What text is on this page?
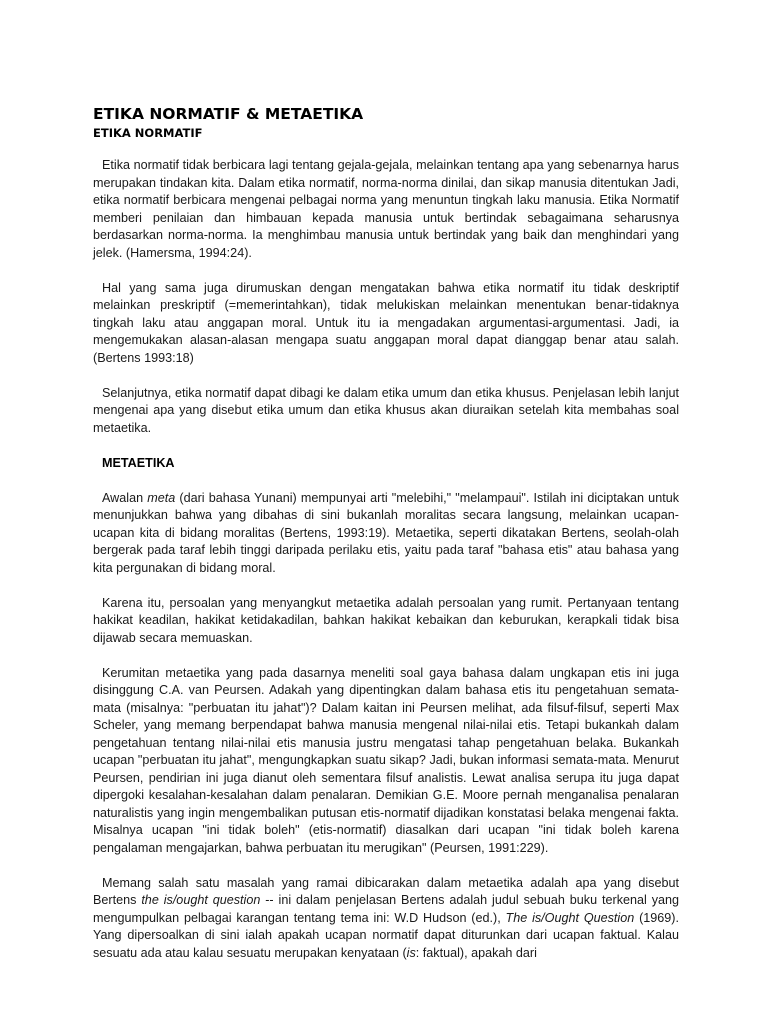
ETIKA NORMATIF & METAETIKA
ETIKA NORMATIF

Etika normatif tidak berbicara lagi tentang gejala-gejala, melainkan tentang apa yang sebenarnya harus merupakan tindakan kita. Dalam etika normatif, norma-norma dinilai, dan sikap manusia ditentukan Jadi, etika normatif berbicara mengenai pelbagai norma yang menuntun tingkah laku manusia. Etika Normatif memberi penilaian dan himbauan kepada manusia untuk bertindak sebagaimana seharusnya berdasarkan norma-norma. Ia menghimbau manusia untuk bertindak yang baik dan menghindari yang jelek. (Hamersma, 1994:24).

Hal yang sama juga dirumuskan dengan mengatakan bahwa etika normatif itu tidak deskriptif melainkan preskriptif (=memerintahkan), tidak melukiskan melainkan menentukan benar-tidaknya tingkah laku atau anggapan moral. Untuk itu ia mengadakan argumentasi-argumentasi. Jadi, ia mengemukakan alasan-alasan mengapa suatu anggapan moral dapat dianggap benar atau salah. (Bertens 1993:18)

Selanjutnya, etika normatif dapat dibagi ke dalam etika umum dan etika khusus. Penjelasan lebih lanjut mengenai apa yang disebut etika umum dan etika khusus akan diuraikan setelah kita membahas soal metaetika.

METAETIKA

Awalan meta (dari bahasa Yunani) mempunyai arti "melebihi," "melampaui". Istilah ini diciptakan untuk menunjukkan bahwa yang dibahas di sini bukanlah moralitas secara langsung, melainkan ucapan-ucapan kita di bidang moralitas (Bertens, 1993:19). Metaetika, seperti dikatakan Bertens, seolah-olah bergerak pada taraf lebih tinggi daripada perilaku etis, yaitu pada taraf "bahasa etis" atau bahasa yang kita pergunakan di bidang moral.

Karena itu, persoalan yang menyangkut metaetika adalah persoalan yang rumit. Pertanyaan tentang hakikat keadilan, hakikat ketidakadilan, bahkan hakikat kebaikan dan keburukan, kerapkali tidak bisa dijawab secara memuaskan.

Kerumitan metaetika yang pada dasarnya meneliti soal gaya bahasa dalam ungkapan etis ini juga disinggung C.A. van Peursen. Adakah yang dipentingkan dalam bahasa etis itu pengetahuan semata-mata (misalnya: "perbuatan itu jahat")? Dalam kaitan ini Peursen melihat, ada filsuf-filsuf, seperti Max Scheler, yang memang berpendapat bahwa manusia mengenal nilai-nilai etis. Tetapi bukankah dalam pengetahuan tentang nilai-nilai etis manusia justru mengatasi tahap pengetahuan belaka. Bukankah ucapan "perbuatan itu jahat", mengungkapkan suatu sikap? Jadi, bukan informasi semata-mata. Menurut Peursen, pendirian ini juga dianut oleh sementara filsuf analistis. Lewat analisa serupa itu juga dapat dipergoki kesalahan-kesalahan dalam penalaran. Demikian G.E. Moore pernah menganalisa penalaran naturalistis yang ingin mengembalikan putusan etis-normatif dijadikan konstatasi belaka mengenai fakta. Misalnya ucapan "ini tidak boleh" (etis-normatif) diasalkan dari ucapan "ini tidak boleh karena pengalaman mengajarkan, bahwa perbuatan itu merugikan" (Peursen, 1991:229).

Memang salah satu masalah yang ramai dibicarakan dalam metaetika adalah apa yang disebut Bertens the is/ought question -- ini dalam penjelasan Bertens adalah judul sebuah buku terkenal yang mengumpulkan pelbagai karangan tentang tema ini: W.D Hudson (ed.), The is/Ought Question (1969). Yang dipersoalkan di sini ialah apakah ucapan normatif dapat diturunkan dari ucapan faktual. Kalau sesuatu ada atau kalau sesuatu merupakan kenyataan (is: faktual), apakah dari
